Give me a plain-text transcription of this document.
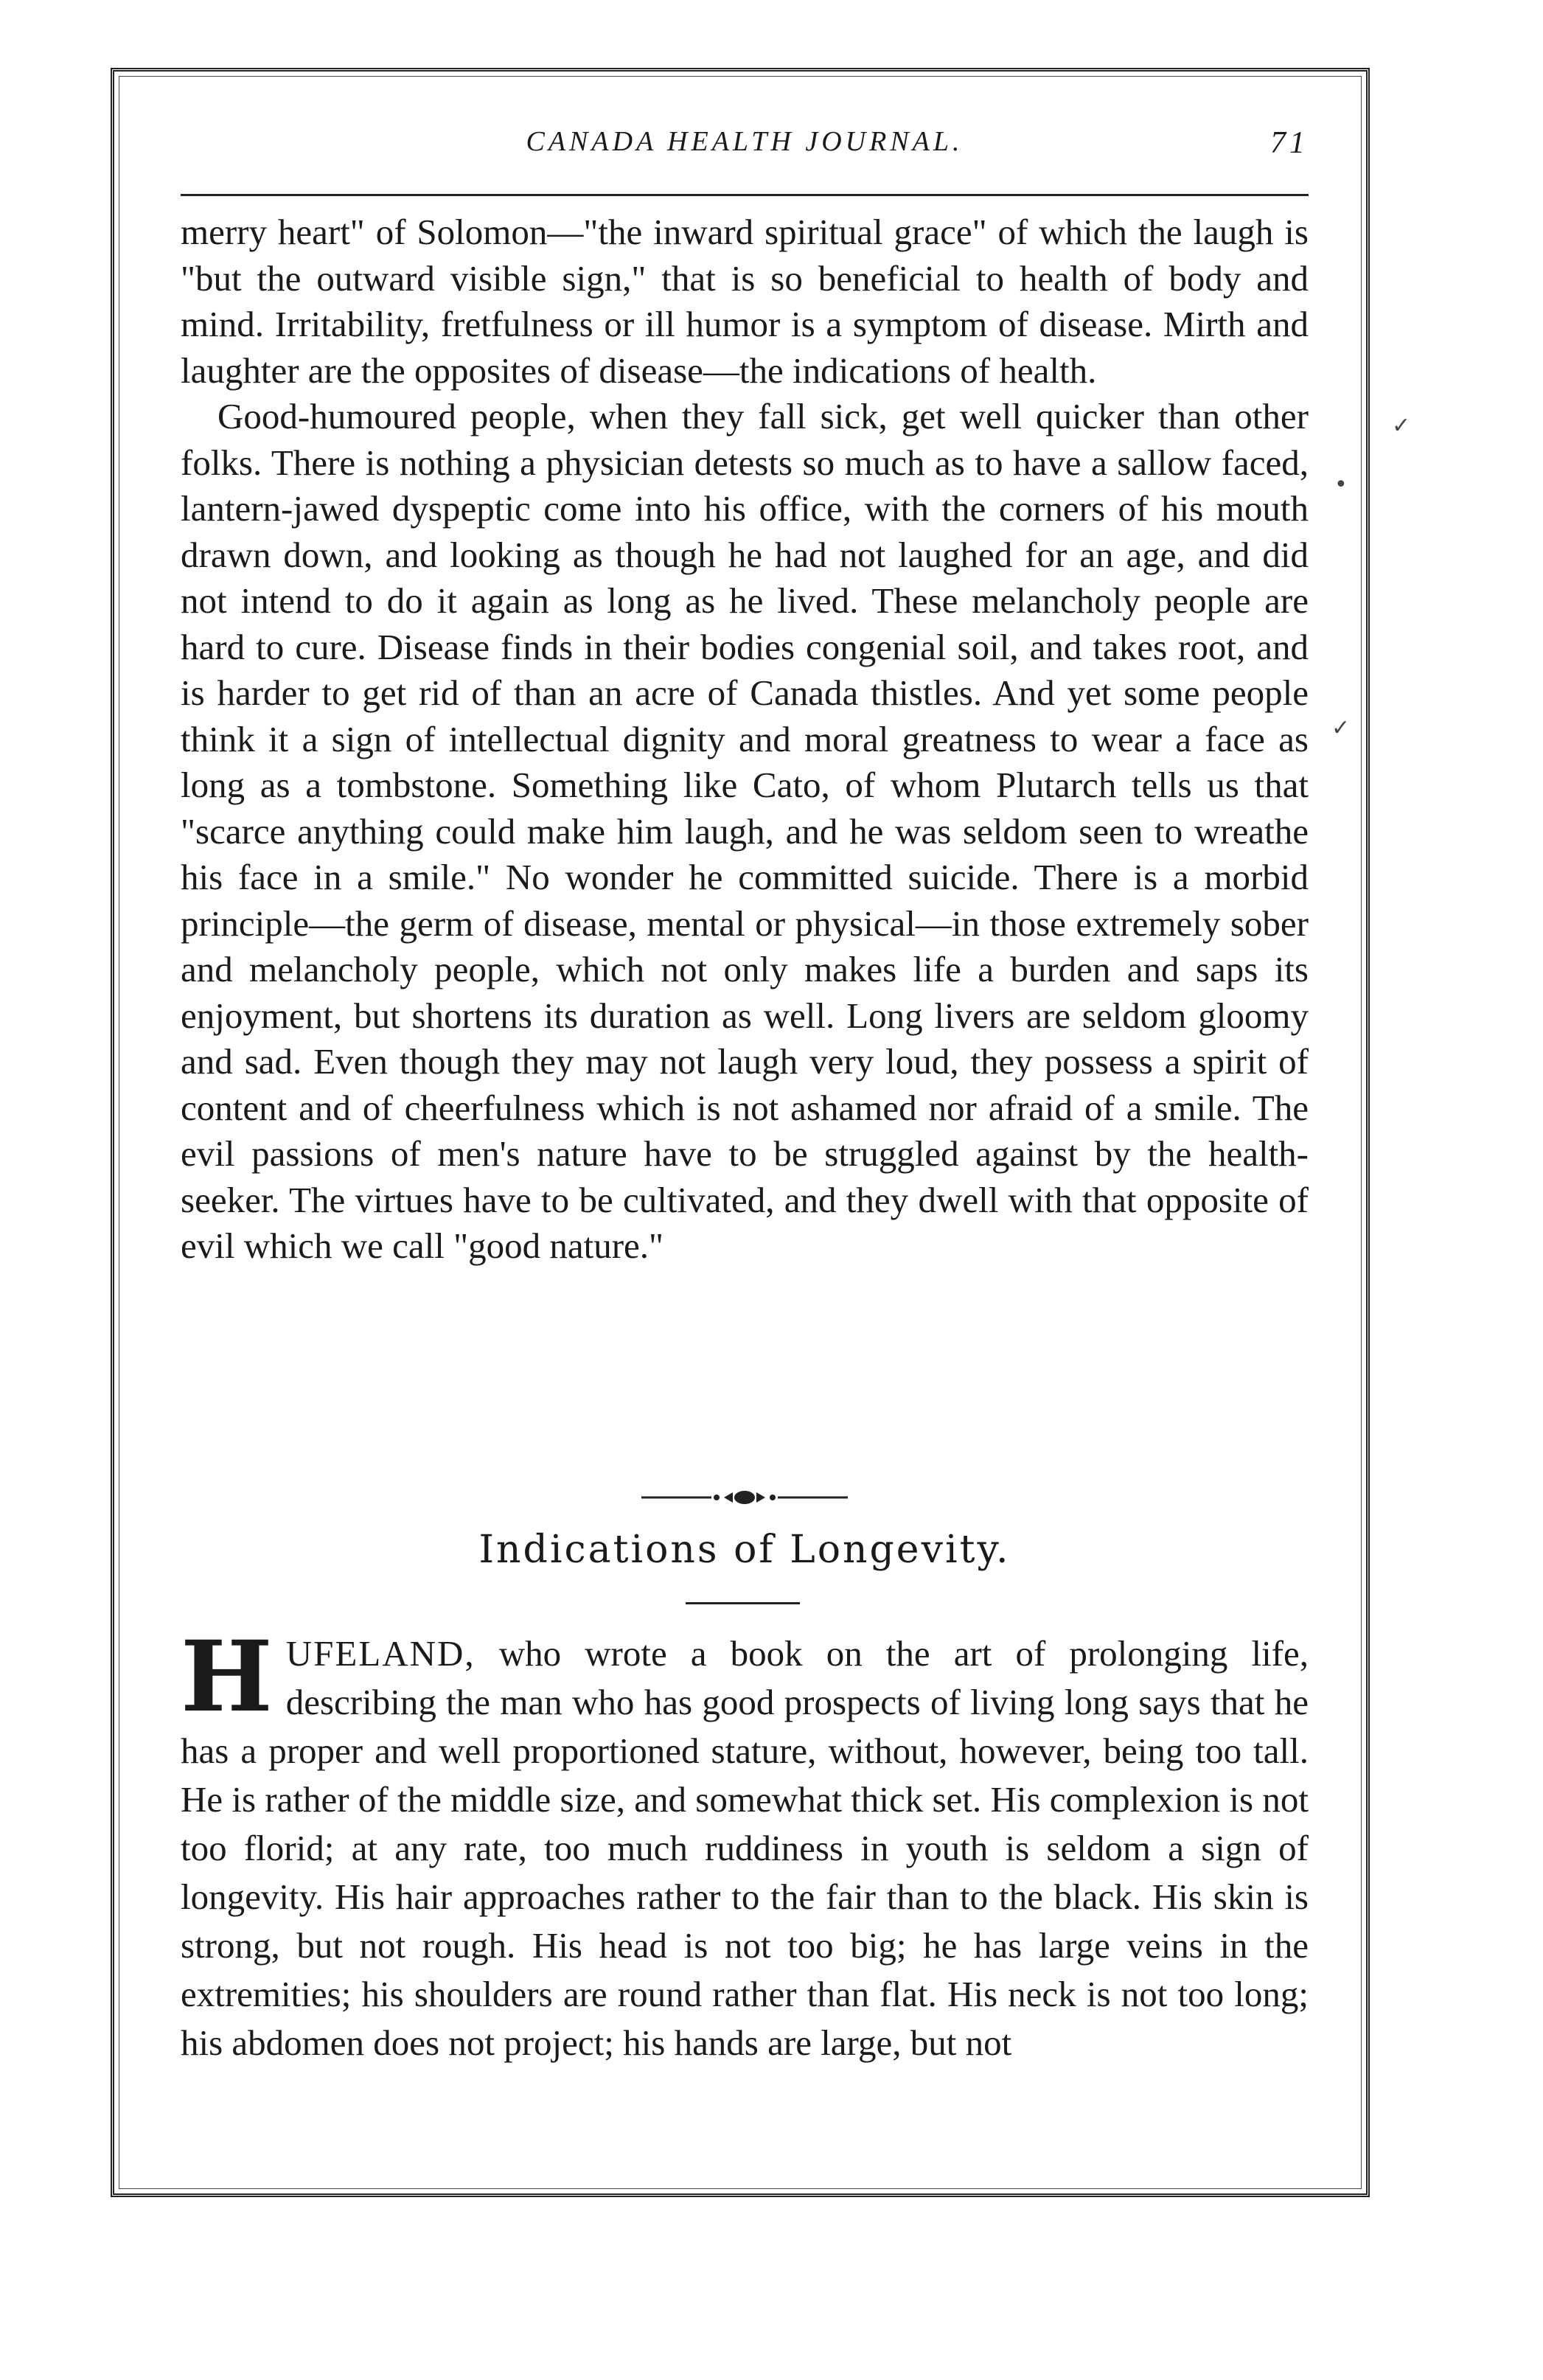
CANADA HEALTH JOURNAL.	71

merry heart" of Solomon—"the inward spiritual grace" of which the laugh is "but the outward visible sign," that is so beneficial to health of body and mind. Irritability, fretfulness or ill humor is a symptom of disease. Mirth and laughter are the opposites of disease—the indications of health.

Good-humoured people, when they fall sick, get well quicker than other folks. There is nothing a physician detests so much as to have a sallow faced, lantern-jawed dyspeptic come into his office, with the corners of his mouth drawn down, and looking as though he had not laughed for an age, and did not intend to do it again as long as he lived. These melancholy people are hard to cure. Disease finds in their bodies congenial soil, and takes root, and is harder to get rid of than an acre of Canada thistles. And yet some people think it a sign of intellectual dignity and moral greatness to wear a face as long as a tombstone. Something like Cato, of whom Plutarch tells us that "scarce anything could make him laugh, and he was seldom seen to wreathe his face in a smile." No wonder he committed suicide. There is a morbid principle—the germ of disease, mental or physical—in those extremely sober and melancholy people, which not only makes life a burden and saps its enjoyment, but shortens its duration as well. Long livers are seldom gloomy and sad. Even though they may not laugh very loud, they possess a spirit of content and of cheerfulness which is not ashamed nor afraid of a smile. The evil passions of men's nature have to be struggled against by the health-seeker. The virtues have to be cultivated, and they dwell with that opposite of evil which we call "good nature."

Indications of Longevity.
H UFELAND, who wrote a book on the art of prolonging life, describing the man who has good prospects of living long says that he has a proper and well proportioned stature, without, however, being too tall. He is rather of the middle size, and somewhat thick set. His complexion is not too florid; at any rate, too much ruddiness in youth is seldom a sign of longevity. His hair approaches rather to the fair than to the black. His skin is strong, but not rough. His head is not too big; he has large veins in the extremities; his shoulders are round rather than flat. His neck is not too long; his abdomen does not project; his hands are large, but not
✓
•
✓
